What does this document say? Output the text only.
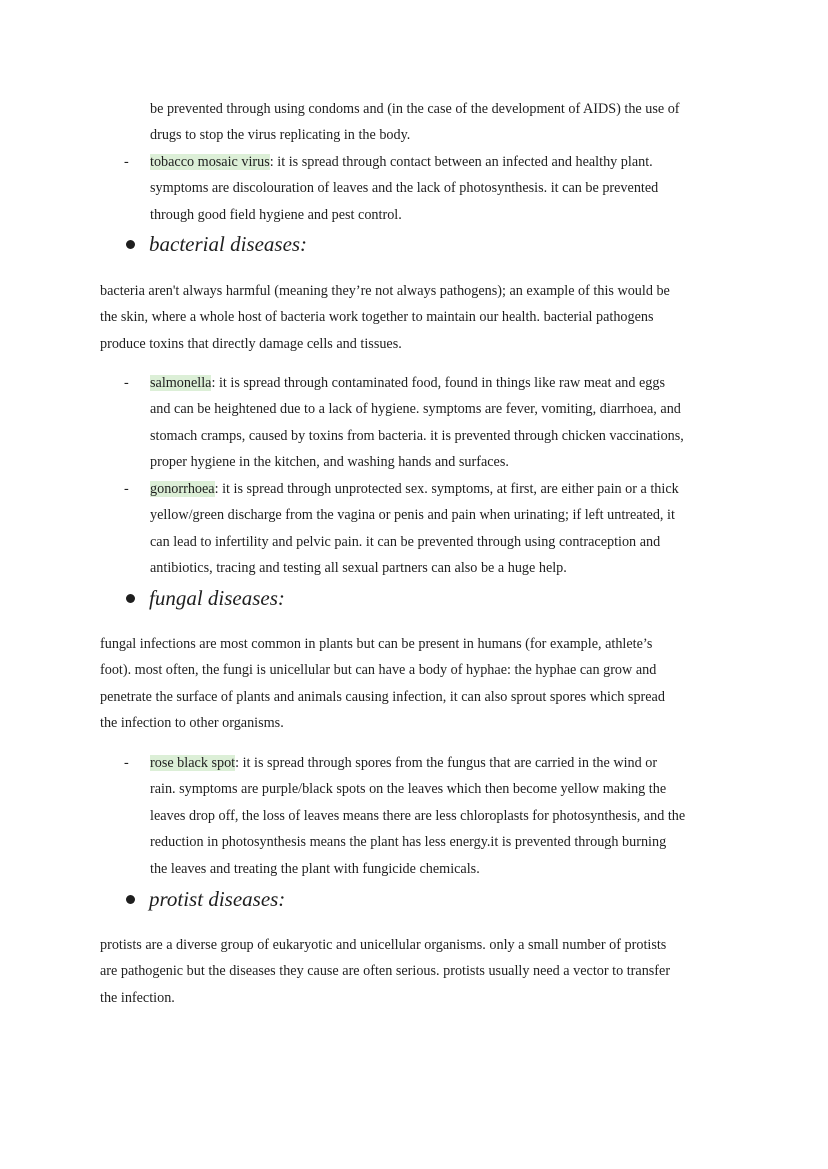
be prevented through using condoms and (in the case of the development of AIDS) the use of
drugs to stop the virus replicating in the body.
- tobacco mosaic virus: it is spread through contact between an infected and healthy plant.
symptoms are discolouration of leaves and the lack of photosynthesis. it can be prevented
through good field hygiene and pest control.
bacterial diseases:
bacteria aren't always harmful (meaning they’re not always pathogens); an example of this would be
the skin, where a whole host of bacteria work together to maintain our health. bacterial pathogens
produce toxins that directly damage cells and tissues.
- salmonella: it is spread through contaminated food, found in things like raw meat and eggs
and can be heightened due to a lack of hygiene. symptoms are fever, vomiting, diarrhoea, and
stomach cramps, caused by toxins from bacteria. it is prevented through chicken vaccinations,
proper hygiene in the kitchen, and washing hands and surfaces.
- gonorrhoea: it is spread through unprotected sex. symptoms, at first, are either pain or a thick
yellow/green discharge from the vagina or penis and pain when urinating; if left untreated, it
can lead to infertility and pelvic pain. it can be prevented through using contraception and
antibiotics, tracing and testing all sexual partners can also be a huge help.
fungal diseases:
fungal infections are most common in plants but can be present in humans (for example, athlete’s
foot). most often, the fungi is unicellular but can have a body of hyphae: the hyphae can grow and
penetrate the surface of plants and animals causing infection, it can also sprout spores which spread
the infection to other organisms.
- rose black spot: it is spread through spores from the fungus that are carried in the wind or
rain. symptoms are purple/black spots on the leaves which then become yellow making the
leaves drop off, the loss of leaves means there are less chloroplasts for photosynthesis, and the
reduction in photosynthesis means the plant has less energy.it is prevented through burning
the leaves and treating the plant with fungicide chemicals.
protist diseases:
protists are a diverse group of eukaryotic and unicellular organisms. only a small number of protists
are pathogenic but the diseases they cause are often serious. protists usually need a vector to transfer
the infection.
